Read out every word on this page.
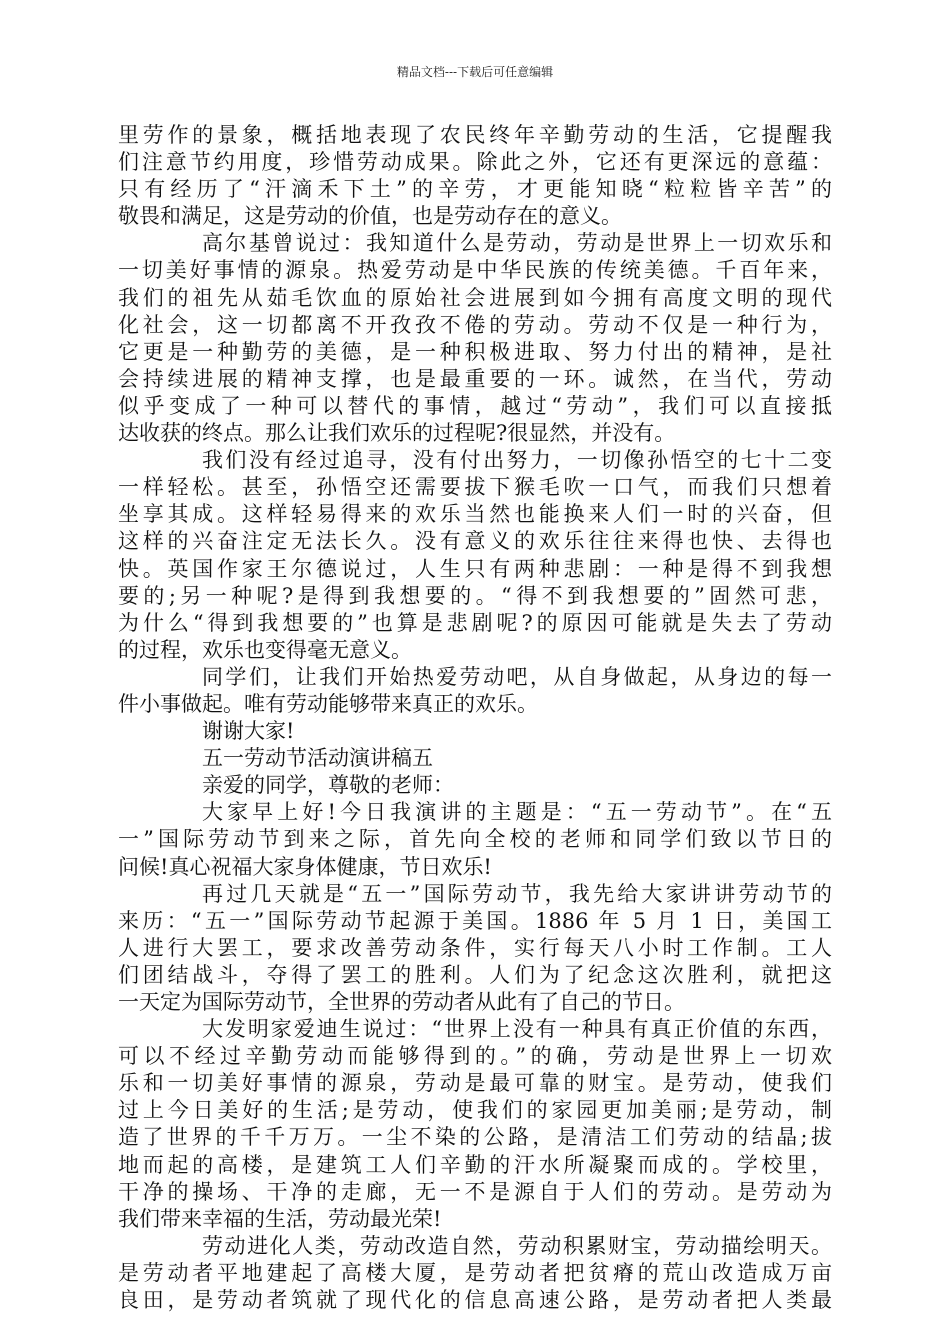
精品文档---下载后可任意编辑
里劳作的景象，概括地表现了农民终年辛勤劳动的生活，它提醒我
们注意节约用度，珍惜劳动成果。除此之外，它还有更深远的意蕴：
只有经历了“汗滴禾下土”的辛劳，才更能知晓“粒粒皆辛苦”的
敬畏和满足，这是劳动的价值，也是劳动存在的意义。
高尔基曾说过：我知道什么是劳动，劳动是世界上一切欢乐和
一切美好事情的源泉。热爱劳动是中华民族的传统美德。千百年来，
我们的祖先从茹毛饮血的原始社会进展到如今拥有高度文明的现代
化社会，这一切都离不开孜孜不倦的劳动。劳动不仅是一种行为，
它更是一种勤劳的美德，是一种积极进取、努力付出的精神，是社
会持续进展的精神支撑，也是最重要的一环。诚然，在当代，劳动
似乎变成了一种可以替代的事情，越过“劳动”，我们可以直接抵
达收获的终点。那么让我们欢乐的过程呢?很显然，并没有。
我们没有经过追寻，没有付出努力，一切像孙悟空的七十二变
一样轻松。甚至，孙悟空还需要拔下猴毛吹一口气，而我们只想着
坐享其成。这样轻易得来的欢乐当然也能换来人们一时的兴奋，但
这样的兴奋注定无法长久。没有意义的欢乐往往来得也快、去得也
快。英国作家王尔德说过，人生只有两种悲剧：一种是得不到我想
要的;另一种呢?是得到我想要的。“得不到我想要的”固然可悲，
为什么“得到我想要的”也算是悲剧呢?的原因可能就是失去了劳动
的过程，欢乐也变得毫无意义。
同学们，让我们开始热爱劳动吧，从自身做起，从身边的每一
件小事做起。唯有劳动能够带来真正的欢乐。
谢谢大家!
五一劳动节活动演讲稿五
亲爱的同学，尊敬的老师：
大家早上好!今日我演讲的主题是：“五一劳动节”。在“五
一”国际劳动节到来之际，首先向全校的老师和同学们致以节日的
问候!真心祝福大家身体健康，节日欢乐!
再过几天就是“五一”国际劳动节，我先给大家讲讲劳动节的
来历：“五一”国际劳动节起源于美国。1886 年 5 月 1 日，美国工
人进行大罢工，要求改善劳动条件，实行每天八小时工作制。工人
们团结战斗，夺得了罢工的胜利。人们为了纪念这次胜利，就把这
一天定为国际劳动节，全世界的劳动者从此有了自己的节日。
大发明家爱迪生说过：“世界上没有一种具有真正价值的东西，
可以不经过辛勤劳动而能够得到的。”的确，劳动是世界上一切欢
乐和一切美好事情的源泉，劳动是最可靠的财宝。是劳动，使我们
过上今日美好的生活;是劳动，使我们的家园更加美丽;是劳动，制
造了世界的千千万万。一尘不染的公路，是清洁工们劳动的结晶;拔
地而起的高楼，是建筑工人们辛勤的汗水所凝聚而成的。学校里，
干净的操场、干净的走廊，无一不是源自于人们的劳动。是劳动为
我们带来幸福的生活，劳动最光荣!
劳动进化人类，劳动改造自然，劳动积累财宝，劳动描绘明天。
是劳动者平地建起了高楼大厦，是劳动者把贫瘠的荒山改造成万亩
良田，是劳动者筑就了现代化的信息高速公路，是劳动者把人类最
